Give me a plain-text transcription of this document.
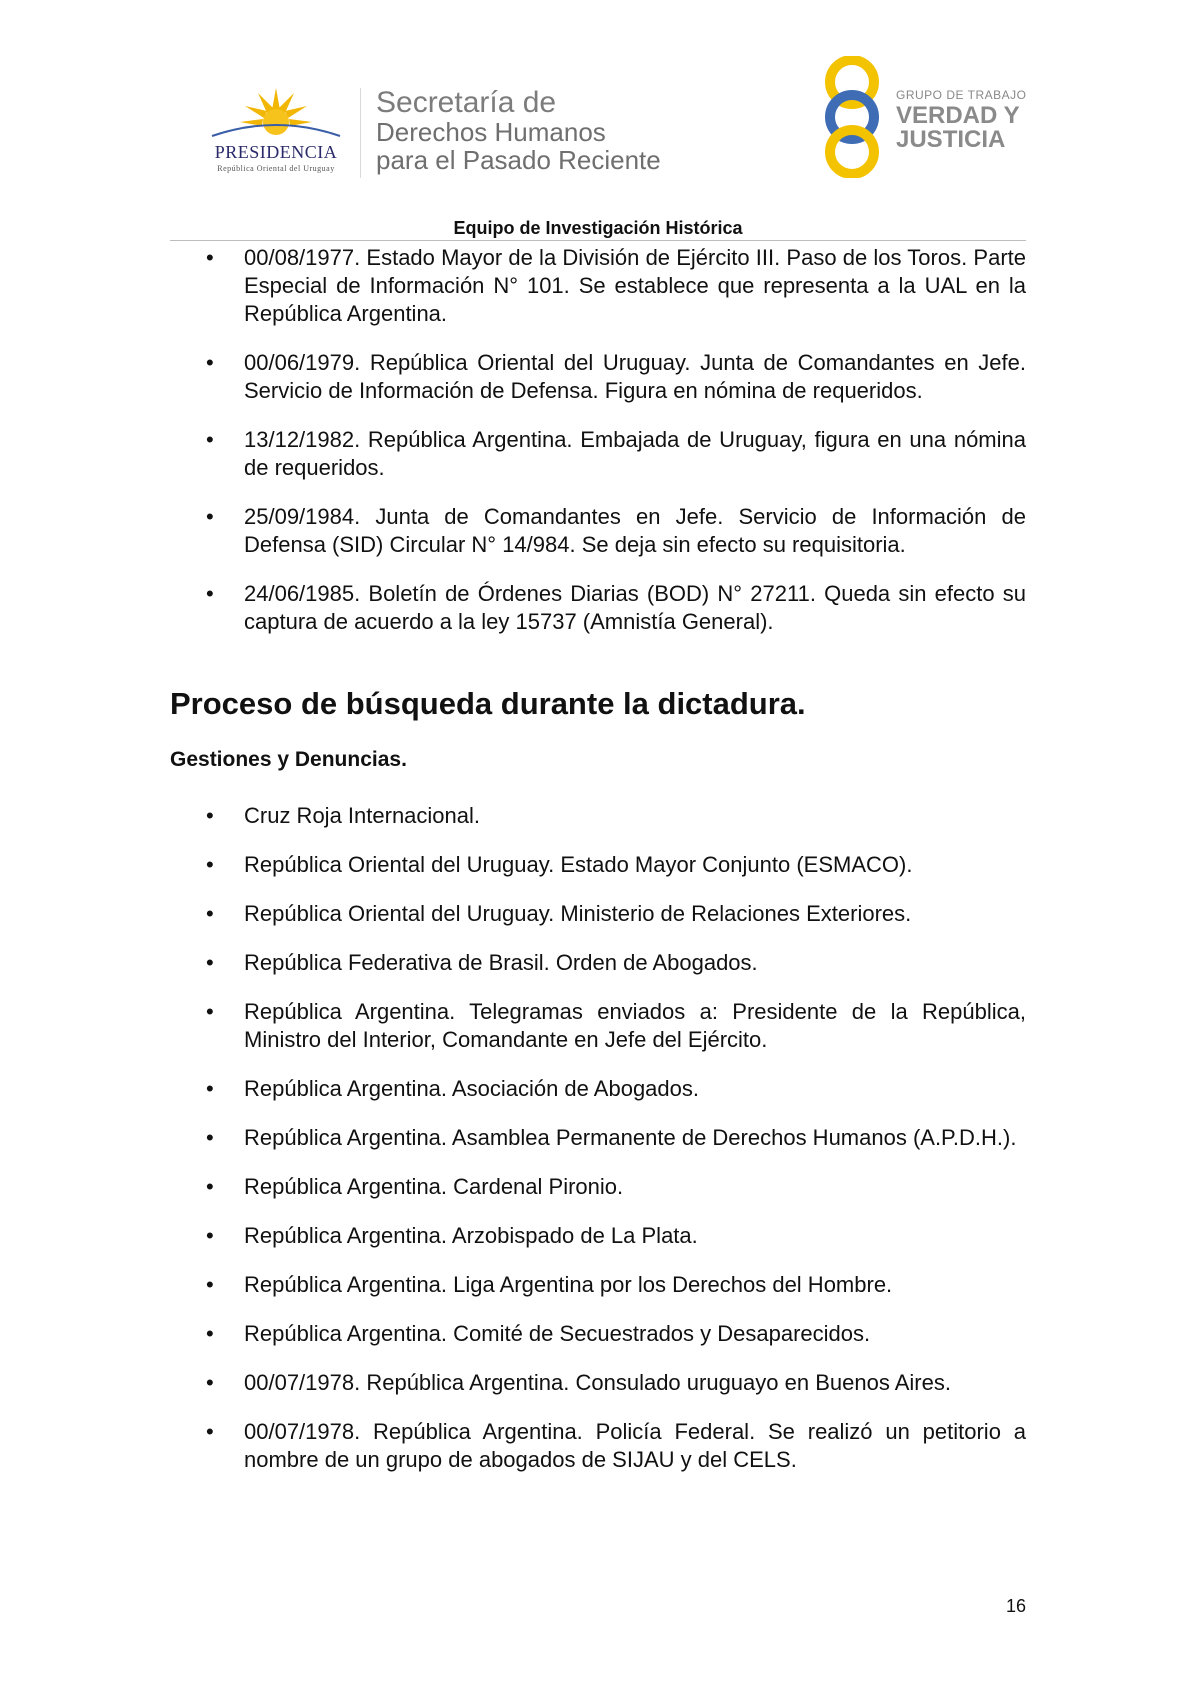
PRESIDENCIA
República Oriental del Uruguay
Secretaría de
Derechos Humanos
para el Pasado Reciente
GRUPO DE TRABAJO
VERDAD Y
JUSTICIA
Equipo de Investigación Histórica
• 00/08/1977. Estado Mayor de la División de Ejército III. Paso de los Toros. Parte Especial de Información N° 101. Se establece que representa a la UAL en la República Argentina.
• 00/06/1979. República Oriental del Uruguay. Junta de Comandantes en Jefe. Servicio de Información de Defensa. Figura en nómina de requeridos.
• 13/12/1982. República Argentina. Embajada de Uruguay, figura en una nómina de requeridos.
• 25/09/1984. Junta de Comandantes en Jefe. Servicio de Información de Defensa (SID) Circular N° 14/984. Se deja sin efecto su requisitoria.
• 24/06/1985. Boletín de Órdenes Diarias (BOD) N° 27211. Queda sin efecto su captura de acuerdo a la ley 15737 (Amnistía General).
Proceso de búsqueda durante la dictadura.
Gestiones y Denuncias.
• Cruz Roja Internacional.
• República Oriental del Uruguay. Estado Mayor Conjunto (ESMACO).
• República Oriental del Uruguay. Ministerio de Relaciones Exteriores.
• República Federativa de Brasil. Orden de Abogados.
• República Argentina. Telegramas enviados a: Presidente de la República, Ministro del Interior, Comandante en Jefe del Ejército.
• República Argentina. Asociación de Abogados.
• República Argentina. Asamblea Permanente de Derechos Humanos (A.P.D.H.).
• República Argentina. Cardenal Pironio.
• República Argentina. Arzobispado de La Plata.
• República Argentina. Liga Argentina por los Derechos del Hombre.
• República Argentina. Comité de Secuestrados y Desaparecidos.
• 00/07/1978. República Argentina. Consulado uruguayo en Buenos Aires.
• 00/07/1978. República Argentina. Policía Federal. Se realizó un petitorio a nombre de un grupo de abogados de SIJAU y del CELS.
16
